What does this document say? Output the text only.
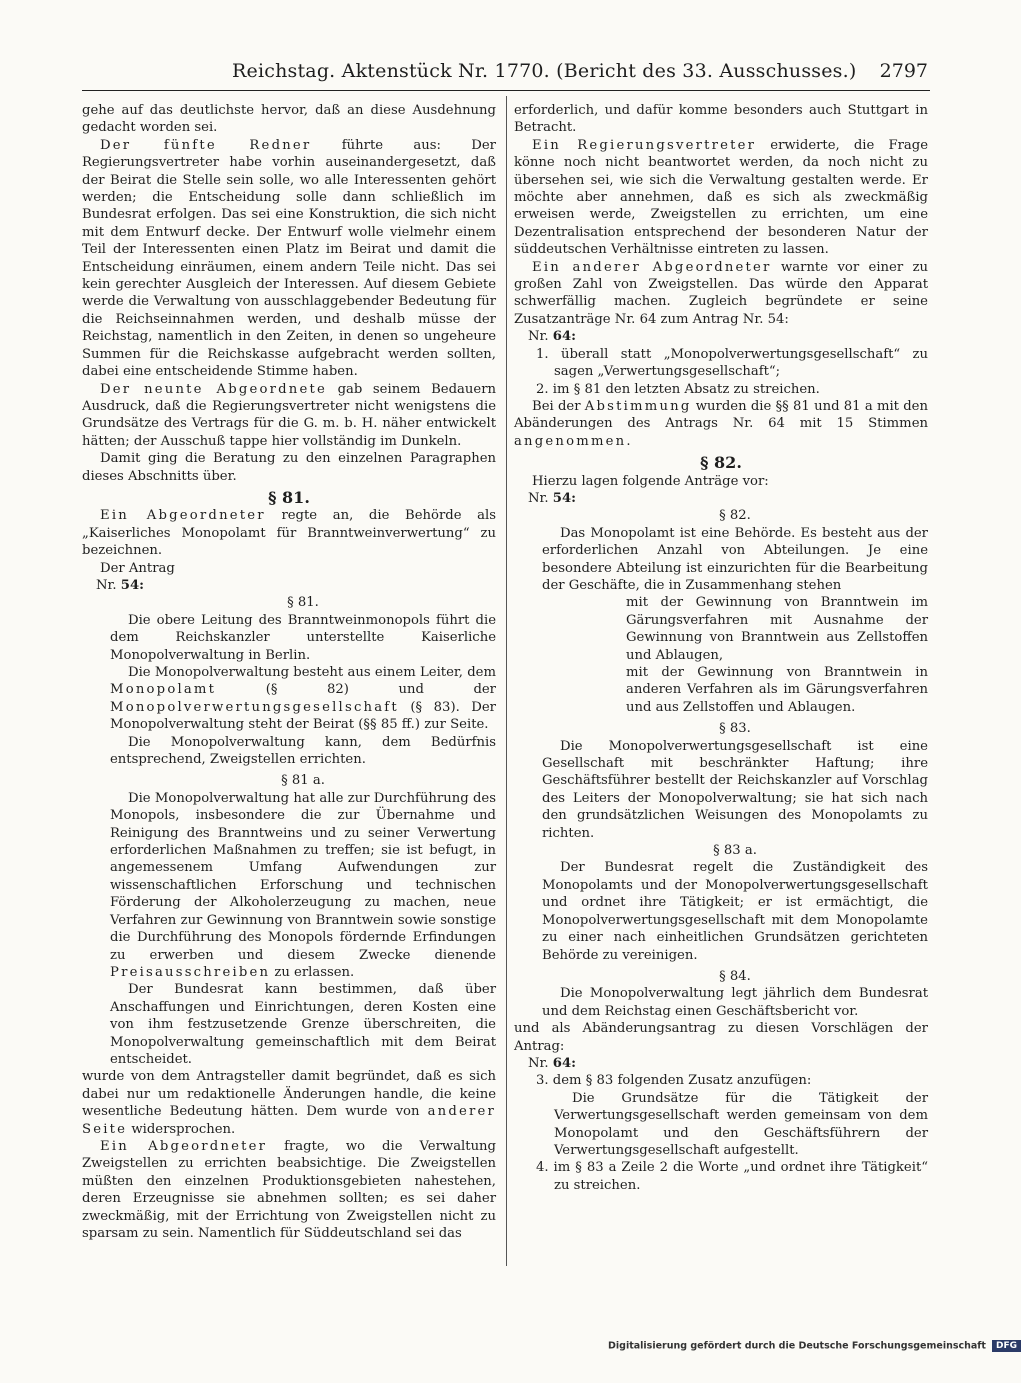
Reichstag. Aktenstück Nr. 1770. (Bericht des 33. Ausschusses.) 2797

gehe auf das deutlichste hervor, daß an diese Ausdehnung gedacht worden sei.

Der fünfte Redner führte aus: Der Regierungsvertreter habe vorhin auseinandergesetzt, daß der Beirat die Stelle sein solle, wo alle Interessenten gehört werden; die Entscheidung solle dann schließlich im Bundesrat erfolgen. Das sei eine Konstruktion, die sich nicht mit dem Entwurf decke. Der Entwurf wolle vielmehr einem Teil der Interessenten einen Platz im Beirat und damit die Entscheidung einräumen, einem andern Teile nicht. Das sei kein gerechter Ausgleich der Interessen. Auf diesem Gebiete werde die Verwaltung von ausschlaggebender Bedeutung für die Reichseinnahmen werden, und deshalb müsse der Reichstag, namentlich in den Zeiten, in denen so ungeheure Summen für die Reichskasse aufgebracht werden sollten, dabei eine entscheidende Stimme haben.

Der neunte Abgeordnete gab seinem Bedauern Ausdruck, daß die Regierungsvertreter nicht wenigstens die Grundsätze des Vertrags für die G. m. b. H. näher entwickelt hätten; der Ausschuß tappe hier vollständig im Dunkeln.

Damit ging die Beratung zu den einzelnen Paragraphen dieses Abschnitts über.

§ 81.

Ein Abgeordneter regte an, die Behörde als „Kaiserliches Monopolamt für Branntweinverwertung“ zu bezeichnen.

Der Antrag

Nr. 54:

§ 81.

Die obere Leitung des Branntweinmonopols führt die dem Reichskanzler unterstellte Kaiserliche Monopolverwaltung in Berlin.

Die Monopolverwaltung besteht aus einem Leiter, dem Monopolamt (§ 82) und der Monopolverwertungsgesellschaft (§ 83). Der Monopolverwaltung steht der Beirat (§§ 85 ff.) zur Seite.

Die Monopolverwaltung kann, dem Bedürfnis entsprechend, Zweigstellen errichten.

§ 81 a.

Die Monopolverwaltung hat alle zur Durchführung des Monopols, insbesondere die zur Übernahme und Reinigung des Branntweins und zu seiner Verwertung erforderlichen Maßnahmen zu treffen; sie ist befugt, in angemessenem Umfang Aufwendungen zur wissenschaftlichen Erforschung und technischen Förderung der Alkoholerzeugung zu machen, neue Verfahren zur Gewinnung von Branntwein sowie sonstige die Durchführung des Monopols fördernde Erfindungen zu erwerben und diesem Zwecke dienende Preisausschreiben zu erlassen.

Der Bundesrat kann bestimmen, daß über Anschaffungen und Einrichtungen, deren Kosten eine von ihm festzusetzende Grenze überschreiten, die Monopolverwaltung gemeinschaftlich mit dem Beirat entscheidet.

wurde von dem Antragsteller damit begründet, daß es sich dabei nur um redaktionelle Änderungen handle, die keine wesentliche Bedeutung hätten. Dem wurde von anderer Seite widersprochen.

Ein Abgeordneter fragte, wo die Verwaltung Zweigstellen zu errichten beabsichtige. Die Zweigstellen müßten den einzelnen Produktionsgebieten nahestehen, deren Erzeugnisse sie abnehmen sollten; es sei daher zweckmäßig, mit der Errichtung von Zweigstellen nicht zu sparsam zu sein. Namentlich für Süddeutschland sei das

erforderlich, und dafür komme besonders auch Stuttgart in Betracht.

Ein Regierungsvertreter erwiderte, die Frage könne noch nicht beantwortet werden, da noch nicht zu übersehen sei, wie sich die Verwaltung gestalten werde. Er möchte aber annehmen, daß es sich als zweckmäßig erweisen werde, Zweigstellen zu errichten, um eine Dezentralisation entsprechend der besonderen Natur der süddeutschen Verhältnisse eintreten zu lassen.

Ein anderer Abgeordneter warnte vor einer zu großen Zahl von Zweigstellen. Das würde den Apparat schwerfällig machen. Zugleich begründete er seine Zusatzanträge Nr. 64 zum Antrag Nr. 54:

Nr. 64:

1. überall statt „Monopolverwertungsgesellschaft“ zu sagen „Verwertungsgesellschaft“;

2. im § 81 den letzten Absatz zu streichen.

Bei der Abstimmung wurden die §§ 81 und 81 a mit den Abänderungen des Antrags Nr. 64 mit 15 Stimmen angenommen.

§ 82.

Hierzu lagen folgende Anträge vor:

Nr. 54:

§ 82.

Das Monopolamt ist eine Behörde. Es besteht aus der erforderlichen Anzahl von Abteilungen. Je eine besondere Abteilung ist einzurichten für die Bearbeitung der Geschäfte, die in Zusammenhang stehen

mit der Gewinnung von Branntwein im Gärungsverfahren mit Ausnahme der Gewinnung von Branntwein aus Zellstoffen und Ablaugen,

mit der Gewinnung von Branntwein in anderen Verfahren als im Gärungsverfahren und aus Zellstoffen und Ablaugen.

§ 83.

Die Monopolverwertungsgesellschaft ist eine Gesellschaft mit beschränkter Haftung; ihre Geschäftsführer bestellt der Reichskanzler auf Vorschlag des Leiters der Monopolverwaltung; sie hat sich nach den grundsätzlichen Weisungen des Monopolamts zu richten.

§ 83 a.

Der Bundesrat regelt die Zuständigkeit des Monopolamts und der Monopolverwertungsgesellschaft und ordnet ihre Tätigkeit; er ist ermächtigt, die Monopolverwertungsgesellschaft mit dem Monopolamte zu einer nach einheitlichen Grundsätzen gerichteten Behörde zu vereinigen.

§ 84.

Die Monopolverwaltung legt jährlich dem Bundesrat und dem Reichstag einen Geschäftsbericht vor.

und als Abänderungsantrag zu diesen Vorschlägen der Antrag:

Nr. 64:

3. dem § 83 folgenden Zusatz anzufügen:

Die Grundsätze für die Tätigkeit der Verwertungsgesellschaft werden gemeinsam von dem Monopolamt und den Geschäftsführern der Verwertungsgesellschaft aufgestellt.

4. im § 83 a Zeile 2 die Worte „und ordnet ihre Tätigkeit“ zu streichen.

Digitalisierung gefördert durch die Deutsche Forschungsgemeinschaft DFG
